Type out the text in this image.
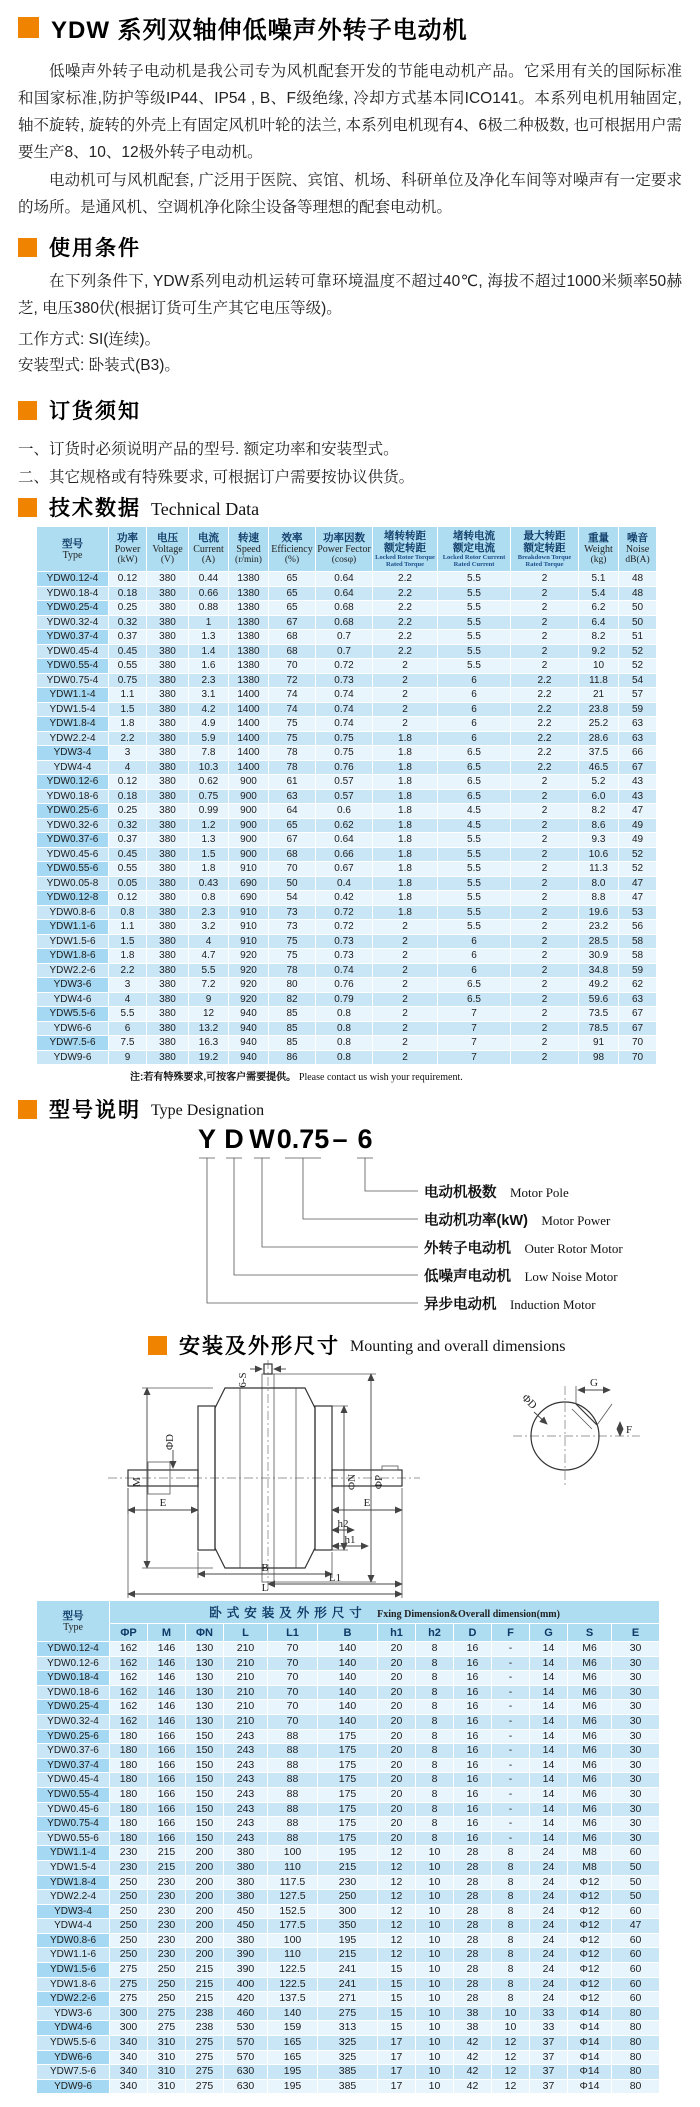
YDW 系列双轴伸低噪声外转子电动机
低噪声外转子电动机是我公司专为风机配套开发的节能电动机产品。它采用有关的国际标准和国家标准,防护等级IP44、IP54 , B、F级绝缘, 冷却方式基本同ICO141。本系列电机用轴固定, 轴不旋转, 旋转的外壳上有固定风机叶轮的法兰, 本系列电机现有4、6极二种极数, 也可根据用户需要生产8、10、12极外转子电动机。
电动机可与风机配套, 广泛用于医院、宾馆、机场、科研单位及净化车间等对噪声有一定要求的场所。是通风机、空调机净化除尘设备等理想的配套电动机。
使用条件
在下列条件下, YDW系列电动机运转可靠环境温度不超过40℃, 海拔不超过1000米频率50赫芝, 电压380伏(根据订货可生产其它电压等级)。
工作方式: SI(连续)。
安装型式: 卧装式(B3)。
订货须知
一、订货时必须说明产品的型号. 额定功率和安装型式。
二、其它规格或有特殊要求, 可根据订户需要按协议供货。
技术数据 Technical Data
型号
Type

功率
Power
(kW)

电压
Voltage
(V)

电流
Current
(A)

转速
Speed
(r/min)

效率
Efficiency
(%)

功率因数
Power Fector
(cosφ)

堵转转距
额定转距
Locked Rotor Torque Rated Torque

堵转电流
额定电流
Locked Rotor Current Rated Current

最大转距
额定转距
Breakdown Torque Rated Torque

重量
Weight
(kg)

噪音
Noise
dB(A)

YDW0.12-4	0.12	380	0.44	1380	65	0.64	2.2	5.5	2	5.1	48
YDW0.18-4	0.18	380	0.66	1380	65	0.64	2.2	5.5	2	5.4	48
YDW0.25-4	0.25	380	0.88	1380	65	0.68	2.2	5.5	2	6.2	50
YDW0.32-4	0.32	380	1	1380	67	0.68	2.2	5.5	2	6.4	50
YDW0.37-4	0.37	380	1.3	1380	68	0.7	2.2	5.5	2	8.2	51
YDW0.45-4	0.45	380	1.4	1380	68	0.7	2.2	5.5	2	9.2	52
YDW0.55-4	0.55	380	1.6	1380	70	0.72	2	5.5	2	10	52
YDW0.75-4	0.75	380	2.3	1380	72	0.73	2	6	2.2	11.8	54
YDW1.1-4	1.1	380	3.1	1400	74	0.74	2	6	2.2	21	57
YDW1.5-4	1.5	380	4.2	1400	74	0.74	2	6	2.2	23.8	59
YDW1.8-4	1.8	380	4.9	1400	75	0.74	2	6	2.2	25.2	63
YDW2.2-4	2.2	380	5.9	1400	75	0.75	1.8	6	2.2	28.6	63
YDW3-4	3	380	7.8	1400	78	0.75	1.8	6.5	2.2	37.5	66
YDW4-4	4	380	10.3	1400	78	0.76	1.8	6.5	2.2	46.5	67
YDW0.12-6	0.12	380	0.62	900	61	0.57	1.8	6.5	2	5.2	43
YDW0.18-6	0.18	380	0.75	900	63	0.57	1.8	6.5	2	6.0	43
YDW0.25-6	0.25	380	0.99	900	64	0.6	1.8	4.5	2	8.2	47
YDW0.32-6	0.32	380	1.2	900	65	0.62	1.8	4.5	2	8.6	49
YDW0.37-6	0.37	380	1.3	900	67	0.64	1.8	5.5	2	9.3	49
YDW0.45-6	0.45	380	1.5	900	68	0.66	1.8	5.5	2	10.6	52
YDW0.55-6	0.55	380	1.8	910	70	0.67	1.8	5.5	2	11.3	52
YDW0.05-8	0.05	380	0.43	690	50	0.4	1.8	5.5	2	8.0	47
YDW0.12-8	0.12	380	0.8	690	54	0.42	1.8	5.5	2	8.8	47
YDW0.8-6	0.8	380	2.3	910	73	0.72	1.8	5.5	2	19.6	53
YDW1.1-6	1.1	380	3.2	910	73	0.72	2	5.5	2	23.2	56
YDW1.5-6	1.5	380	4	910	75	0.73	2	6	2	28.5	58
YDW1.8-6	1.8	380	4.7	920	75	0.73	2	6	2	30.9	58
YDW2.2-6	2.2	380	5.5	920	78	0.74	2	6	2	34.8	59
YDW3-6	3	380	7.2	920	80	0.76	2	6.5	2	49.2	62
YDW4-6	4	380	9	920	82	0.79	2	6.5	2	59.6	63
YDW5.5-6	5.5	380	12	940	85	0.8	2	7	2	73.5	67
YDW6-6	6	380	13.2	940	85	0.8	2	7	2	78.5	67
YDW7.5-6	7.5	380	16.3	940	85	0.8	2	7	2	91	70
YDW9-6	9	380	19.2	940	86	0.8	2	7	2	98	70
注:若有特殊要求,可按客户需要提供。 Please contact us wish your requirement.
型号说明 Type Designation
Y D W 0.75 – 6
电动机极数 Motor Pole
电动机功率(kW) Motor Power
外转子电动机 Outer Rotor Motor
低噪声电动机 Low Noise Motor
异步电动机 Induction Motor
安装及外形尺寸 Mounting and overall dimensions
M
ΦD
6-S
ΦN ΦP
E	E
h2
h1
B
L1
L
G
F
ΦD
型号
Type	卧式安装及外形尺寸 Fxing Dimension&Overall dimension(mm)												

	ΦP	M	ΦN	L	L1	B	h1	h2	D	F	G	S	E

YDW0.12-4	162	146	130	210	70	140	20	8	16	-	14	M6	30
YDW0.12-6	162	146	130	210	70	140	20	8	16	-	14	M6	30
YDW0.18-4	162	146	130	210	70	140	20	8	16	-	14	M6	30
YDW0.18-6	162	146	130	210	70	140	20	8	16	-	14	M6	30
YDW0.25-4	162	146	130	210	70	140	20	8	16	-	14	M6	30
YDW0.32-4	162	146	130	210	70	140	20	8	16	-	14	M6	30
YDW0.25-6	180	166	150	243	88	175	20	8	16	-	14	M6	30
YDW0.37-6	180	166	150	243	88	175	20	8	16	-	14	M6	30
YDW0.37-4	180	166	150	243	88	175	20	8	16	-	14	M6	30
YDW0.45-4	180	166	150	243	88	175	20	8	16	-	14	M6	30
YDW0.55-4	180	166	150	243	88	175	20	8	16	-	14	M6	30
YDW0.45-6	180	166	150	243	88	175	20	8	16	-	14	M6	30
YDW0.75-4	180	166	150	243	88	175	20	8	16	-	14	M6	30
YDW0.55-6	180	166	150	243	88	175	20	8	16	-	14	M6	30
YDW1.1-4	230	215	200	380	100	195	12	10	28	8	24	M8	60
YDW1.5-4	230	215	200	380	110	215	12	10	28	8	24	M8	50
YDW1.8-4	250	230	200	380	117.5	230	12	10	28	8	24	Φ12	50
YDW2.2-4	250	230	200	380	127.5	250	12	10	28	8	24	Φ12	50
YDW3-4	250	230	200	450	152.5	300	12	10	28	8	24	Φ12	60
YDW4-4	250	230	200	450	177.5	350	12	10	28	8	24	Φ12	47
YDW0.8-6	250	230	200	380	100	195	12	10	28	8	24	Φ12	60
YDW1.1-6	250	230	200	390	110	215	12	10	28	8	24	Φ12	60
YDW1.5-6	275	250	215	390	122.5	241	15	10	28	8	24	Φ12	60
YDW1.8-6	275	250	215	400	122.5	241	15	10	28	8	24	Φ12	60
YDW2.2-6	275	250	215	420	137.5	271	15	10	28	8	24	Φ12	60
YDW3-6	300	275	238	460	140	275	15	10	38	10	33	Φ14	80
YDW4-6	300	275	238	530	159	313	15	10	38	10	33	Φ14	80
YDW5.5-6	340	310	275	570	165	325	17	10	42	12	37	Φ14	80
YDW6-6	340	310	275	570	165	325	17	10	42	12	37	Φ14	80
YDW7.5-6	340	310	275	630	195	385	17	10	42	12	37	Φ14	80
YDW9-6	340	310	275	630	195	385	17	10	42	12	37	Φ14	80
